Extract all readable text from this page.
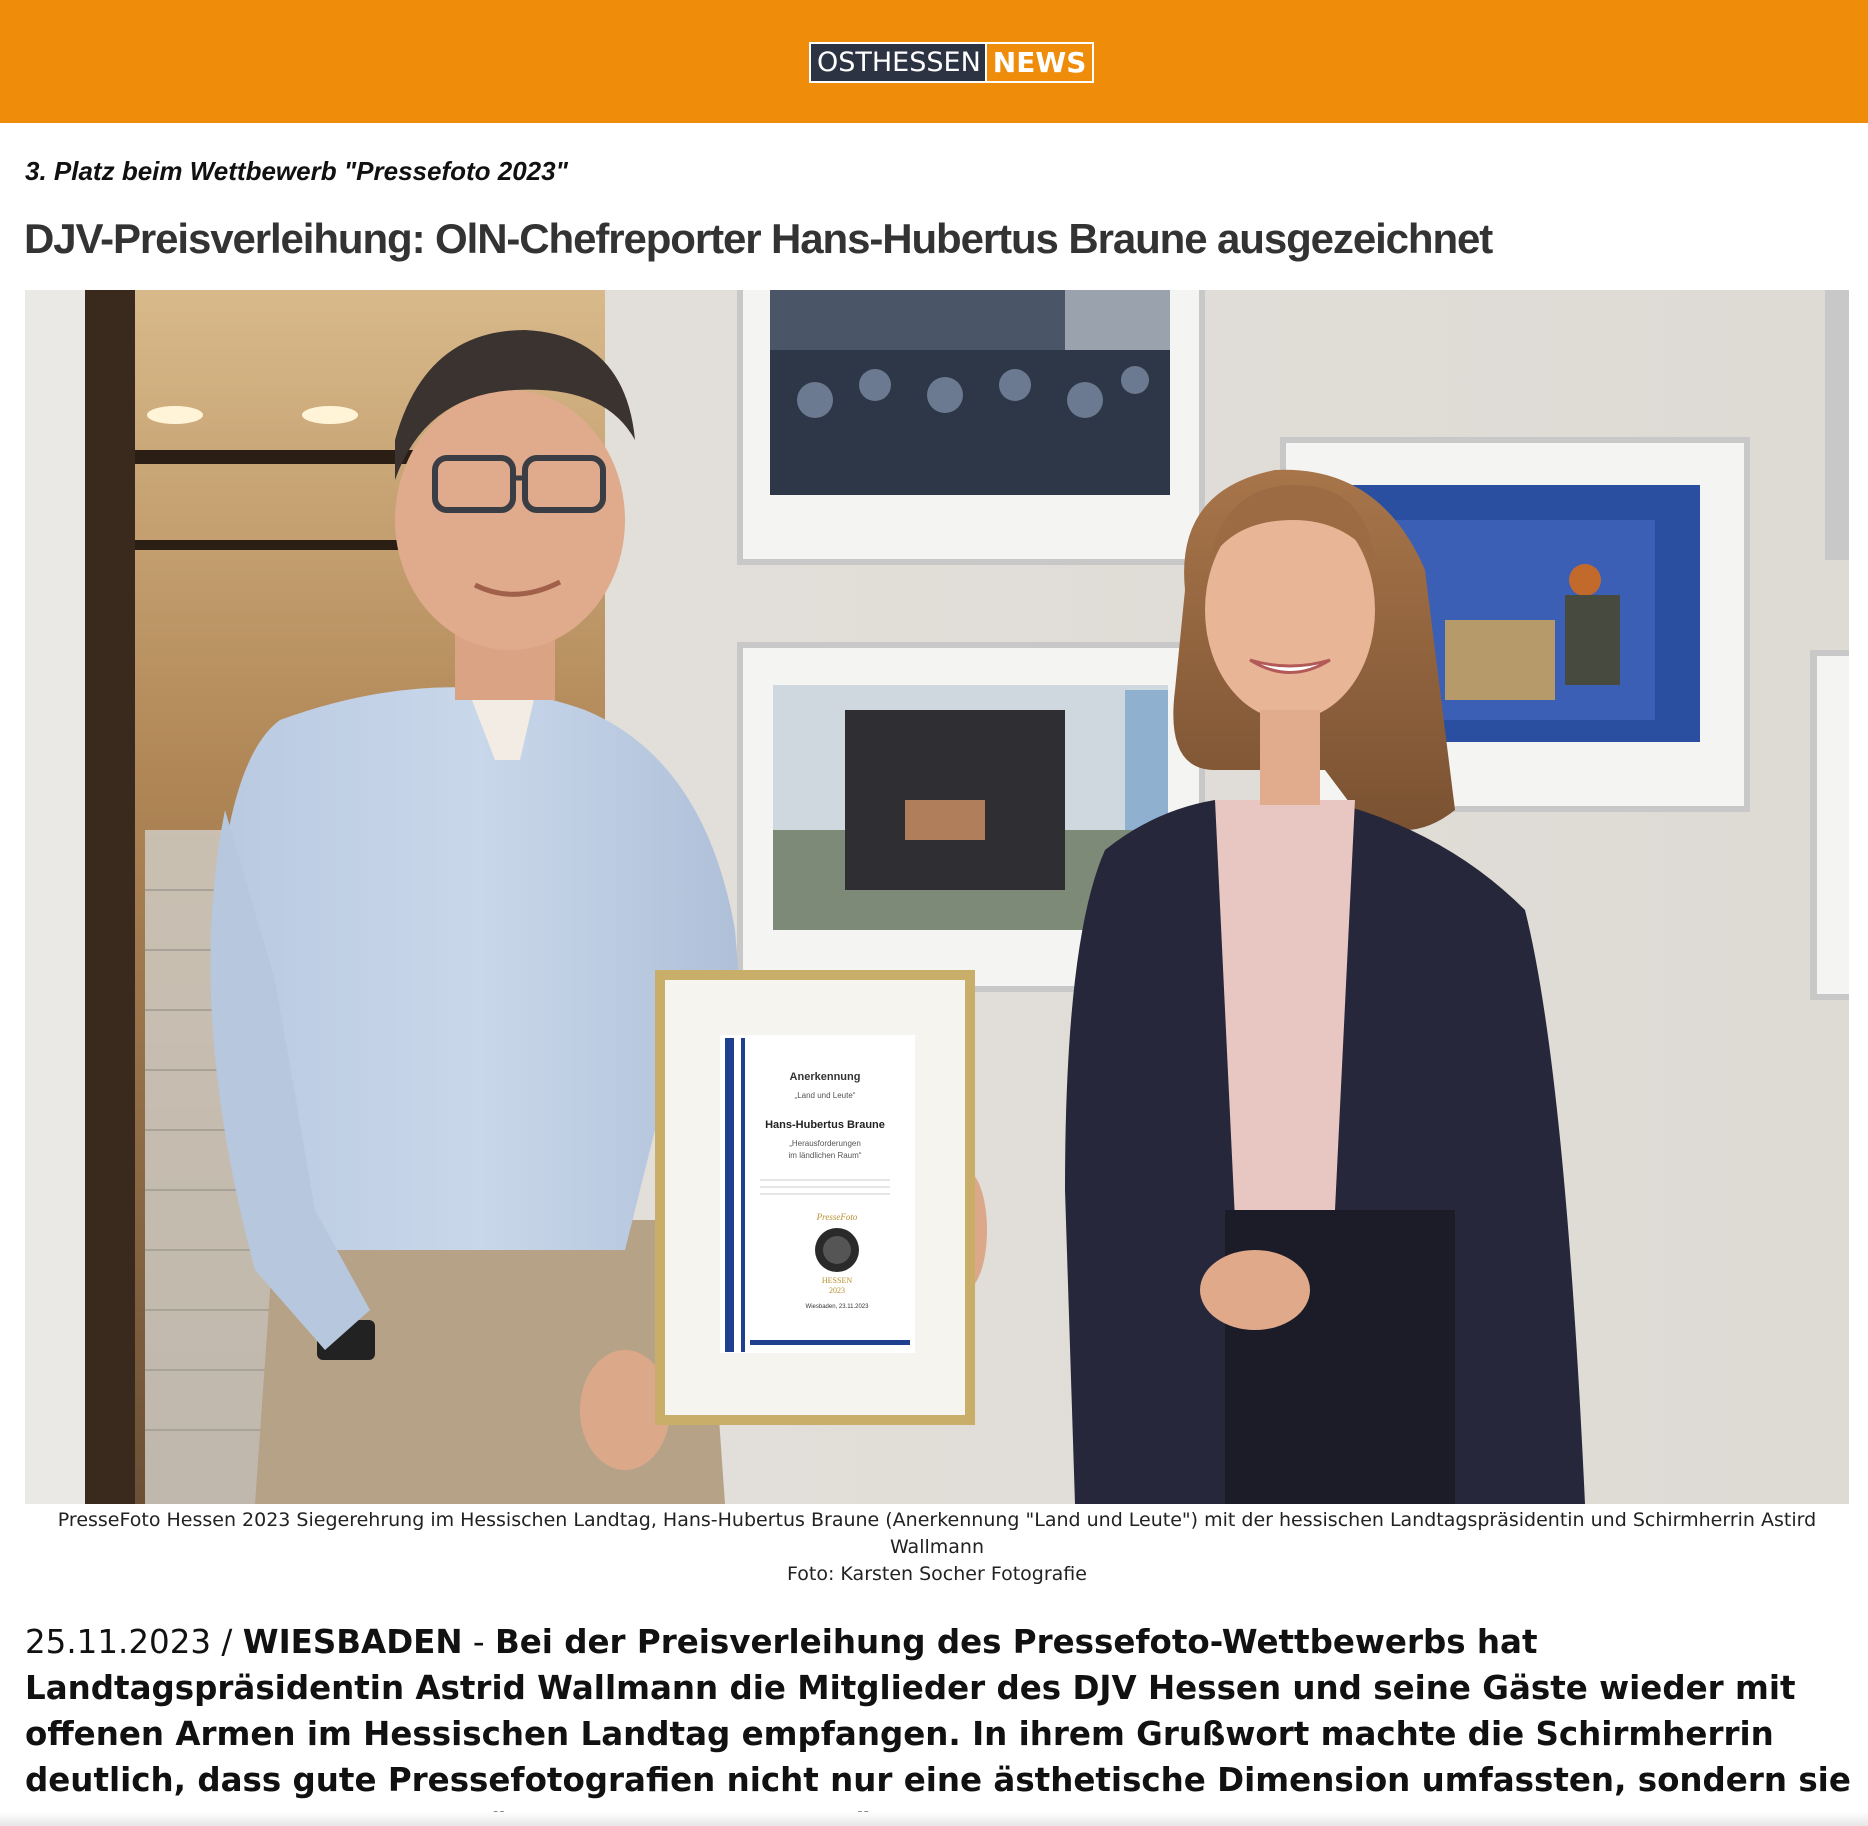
OSTHESSEN NEWS
3. Platz beim Wettbewerb "Pressefoto 2023"
DJV-Preisverleihung: OlN-Chefreporter Hans-Hubertus Braune ausgezeichnet
Anerkennung
„Land und Leute“
Hans-Hubertus Braune
„Herausforderungen
im ländlichen Raum“
PresseFoto
HESSEN
2023
Wiesbaden, 23.11.2023
PresseFoto Hessen 2023 Siegerehrung im Hessischen Landtag, Hans-Hubertus Braune (Anerkennung "Land und Leute") mit der hessischen Landtagspräsidentin und Schirmherrin Astird Wallmann
Foto: Karsten Socher Fotografie

25.11.2023 / WIESBADEN - Bei der Preisverleihung des Pressefoto-Wettbewerbs hat Landtagspräsidentin Astrid Wallmann die Mitglieder des DJV Hessen und seine Gäste wieder mit offenen Armen im Hessischen Landtag empfangen. In ihrem Grußwort machte die Schirmherrin deutlich, dass gute Pressefotografien nicht nur eine ästhetische Dimension umfassten, sondern sie
